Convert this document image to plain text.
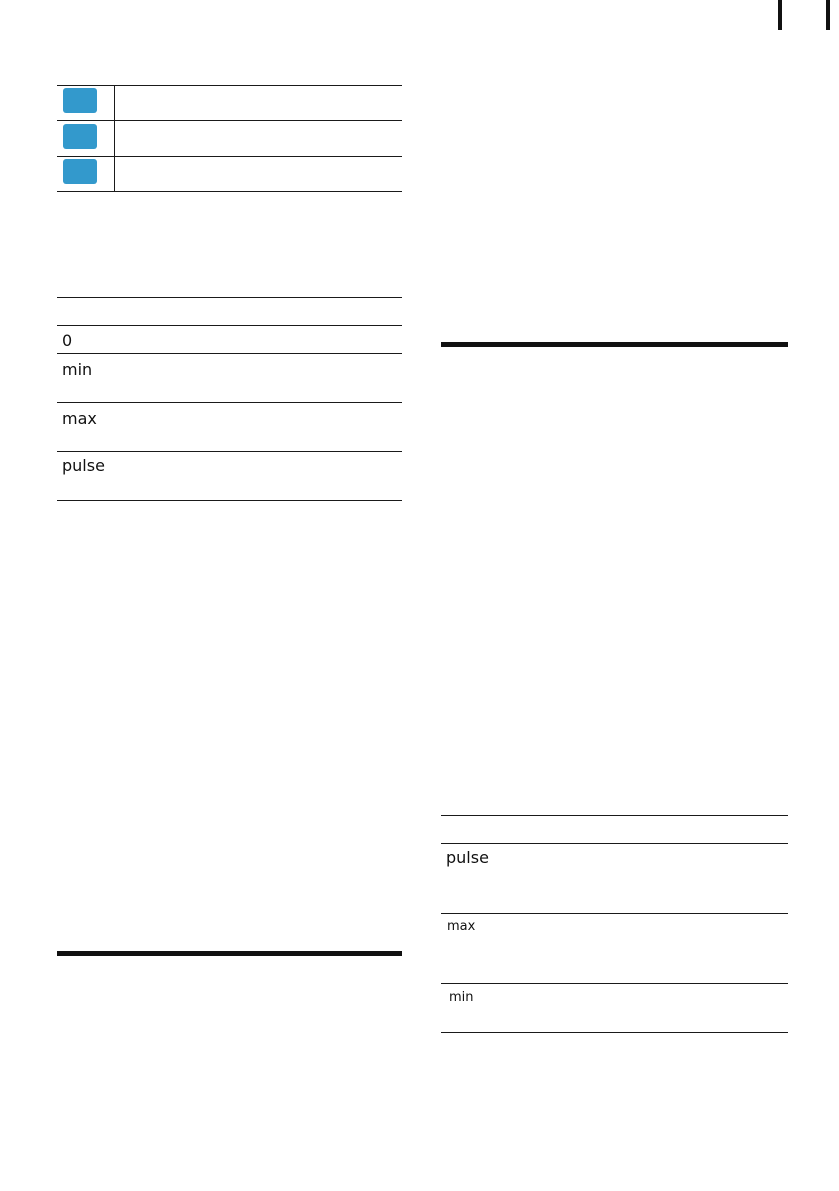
0
min
max
pulse
pulse
max
min
